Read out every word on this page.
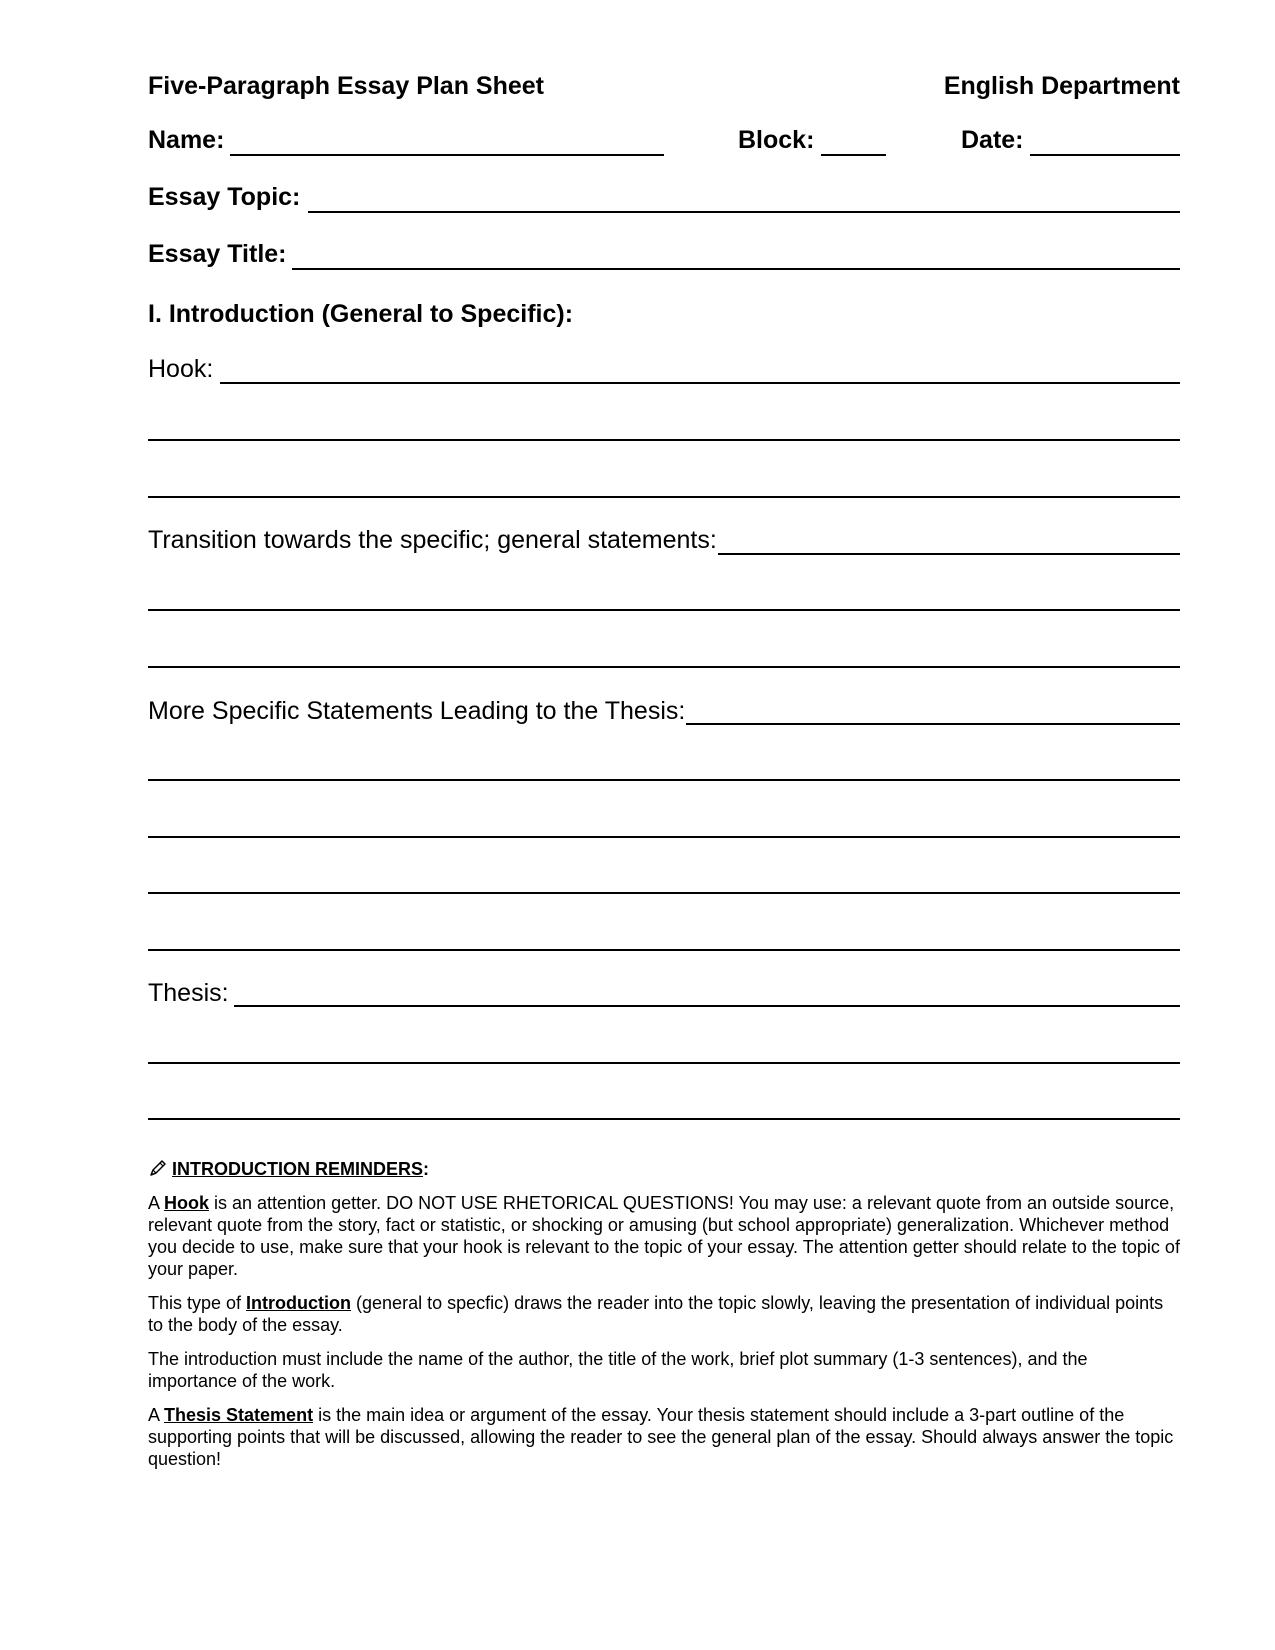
Five-Paragraph Essay Plan Sheet	English Department
Name:	Block:	Date:
Essay Topic:
Essay Title:
I. Introduction (General to Specific):
Hook:
Transition towards the specific; general statements:
More Specific Statements Leading to the Thesis:
Thesis:
INTRODUCTION REMINDERS:

A Hook is an attention getter. DO NOT USE RHETORICAL QUESTIONS! You may use: a relevant quote from an outside source, relevant quote from the story, fact or statistic, or shocking or amusing (but school appropriate) generalization. Whichever method you decide to use, make sure that your hook is relevant to the topic of your essay. The attention getter should relate to the topic of your paper.

This type of Introduction (general to specfic) draws the reader into the topic slowly, leaving the presentation of individual points to the body of the essay.

The introduction must include the name of the author, the title of the work, brief plot summary (1-3 sentences), and the importance of the work.

A Thesis Statement is the main idea or argument of the essay. Your thesis statement should include a 3-part outline of the supporting points that will be discussed, allowing the reader to see the general plan of the essay. Should always answer the topic question!
